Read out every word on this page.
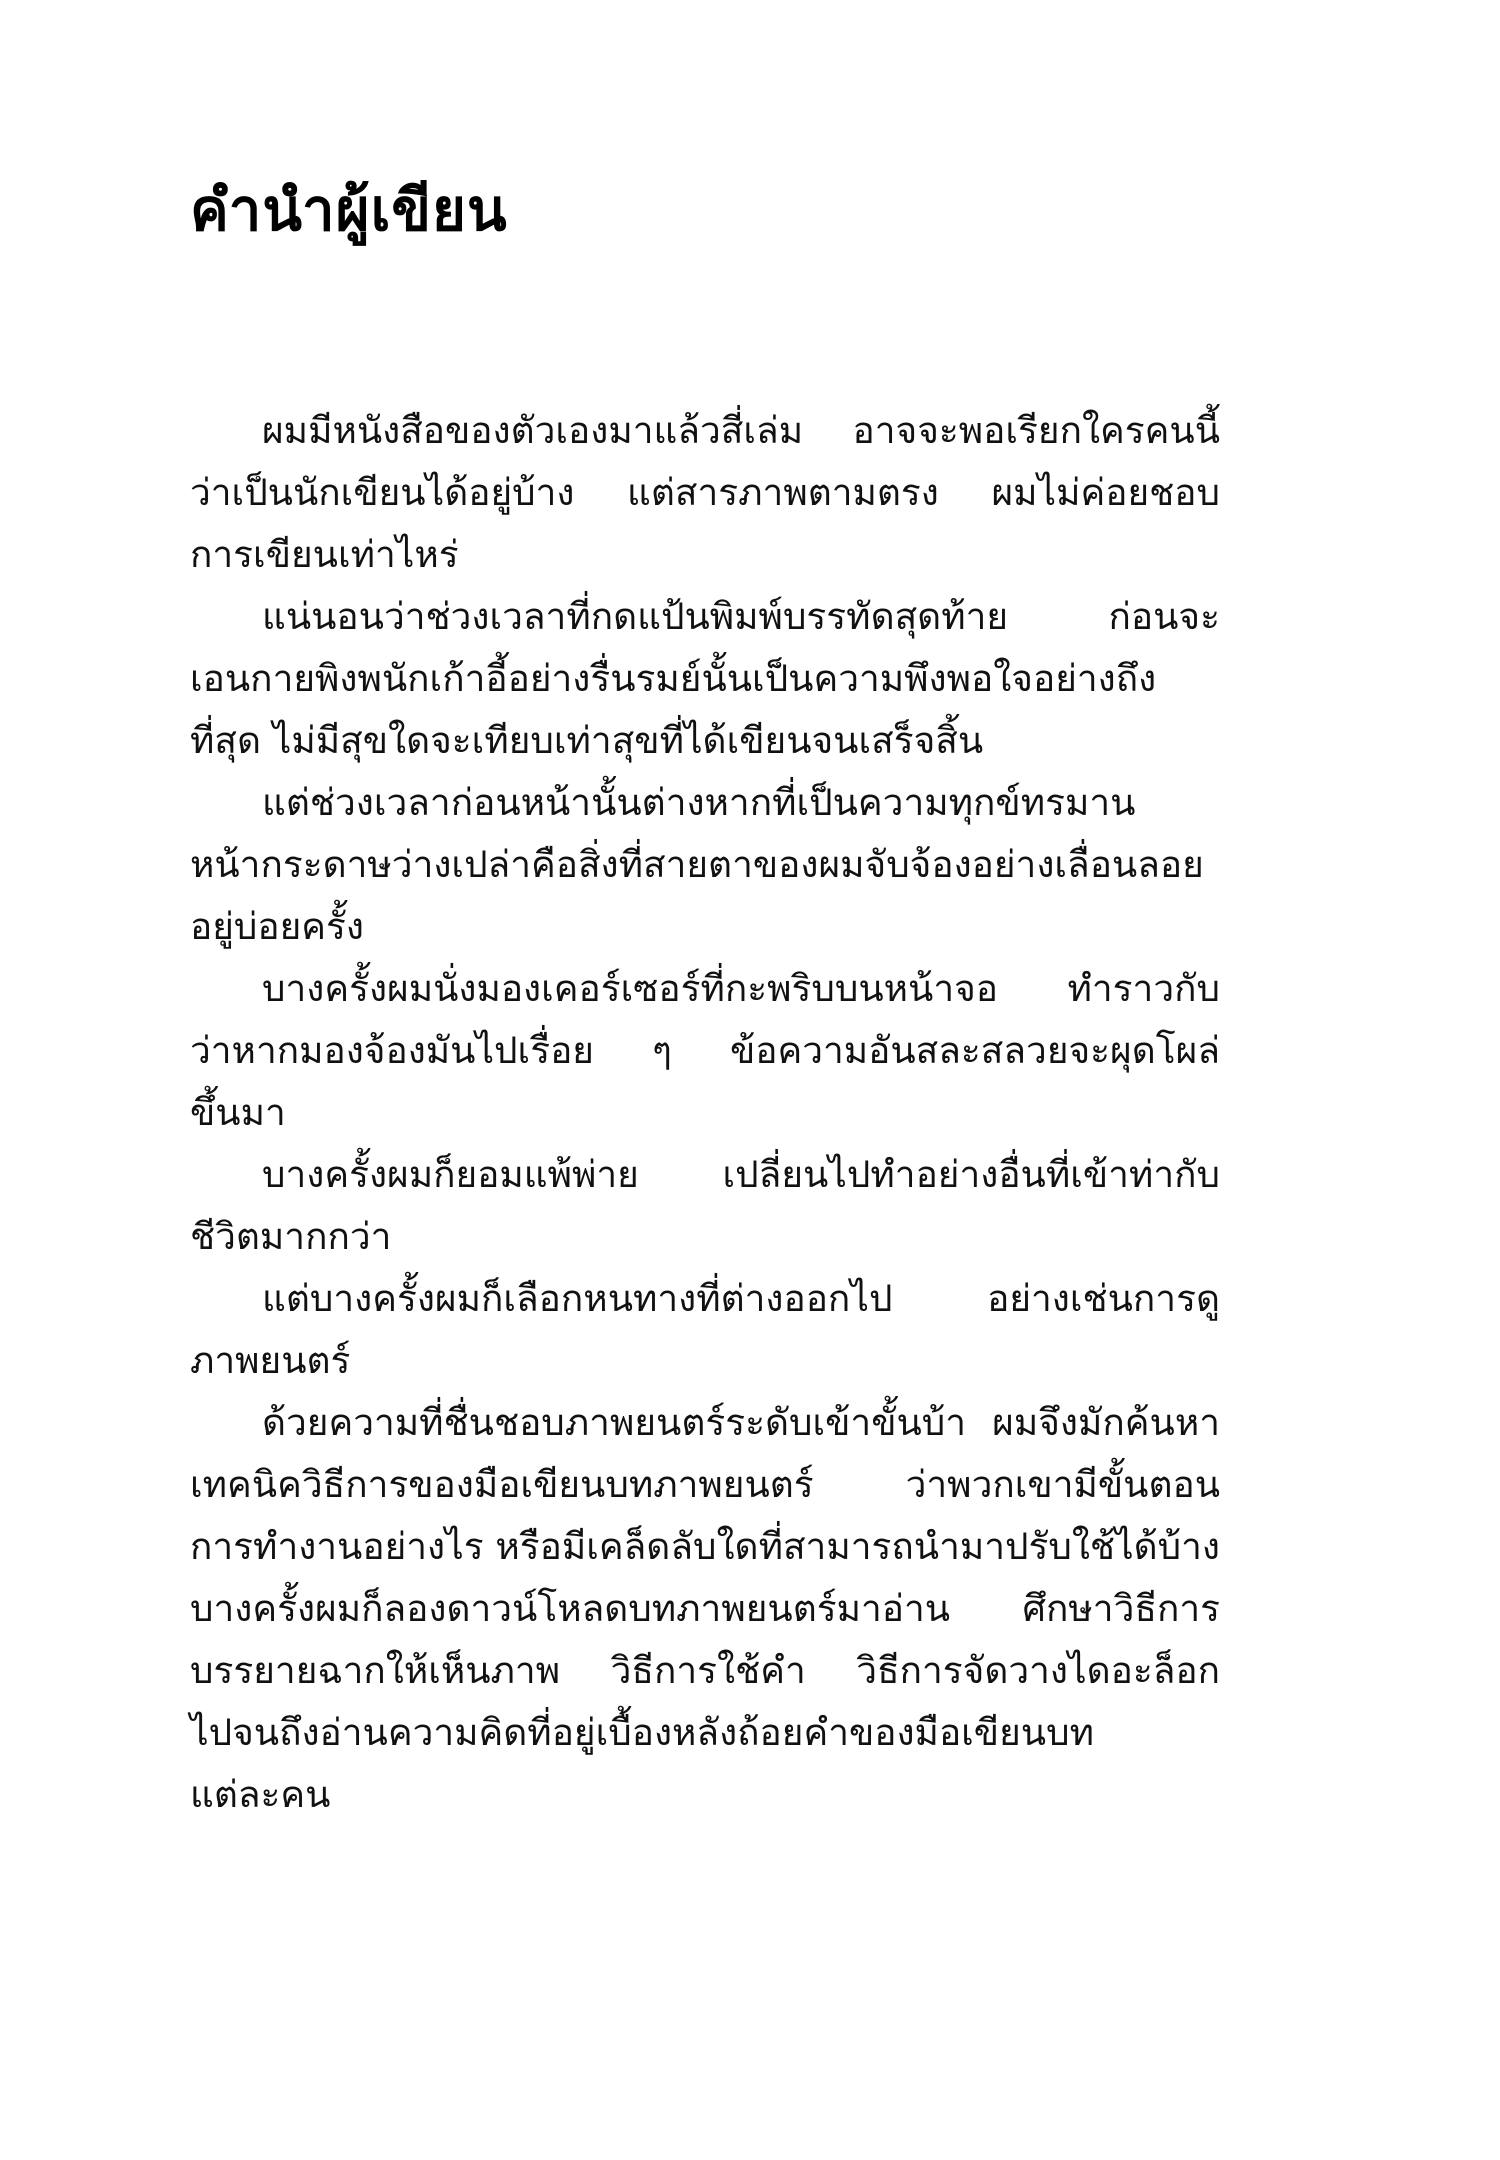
คำนำผู้เขียน

ผมมีหนังสือของตัวเองมาแล้วสี่เล่ม อาจจะพอเรียกใครคนนี้
ว่าเป็นนักเขียนได้อยู่บ้าง แต่สารภาพตามตรง ผมไม่ค่อยชอบ
การเขียนเท่าไหร่

แน่นอนว่าช่วงเวลาที่กดแป้นพิมพ์บรรทัดสุดท้าย ก่อนจะ
เอนกายพิงพนักเก้าอี้อย่างรื่นรมย์นั้นเป็นความพึงพอใจอย่างถึง
ที่สุด ไม่มีสุขใดจะเทียบเท่าสุขที่ได้เขียนจนเสร็จสิ้น

แต่ช่วงเวลาก่อนหน้านั้นต่างหากที่เป็นความทุกข์ทรมาน
หน้ากระดาษว่างเปล่าคือสิ่งที่สายตาของผมจับจ้องอย่างเลื่อนลอย
อยู่บ่อยครั้ง

บางครั้งผมนั่งมองเคอร์เซอร์ที่กะพริบบนหน้าจอ ทำราวกับ
ว่าหากมองจ้องมันไปเรื่อย ๆ ข้อความอันสละสลวยจะผุดโผล่
ขึ้นมา

บางครั้งผมก็ยอมแพ้พ่าย เปลี่ยนไปทำอย่างอื่นที่เข้าท่ากับ
ชีวิตมากกว่า

แต่บางครั้งผมก็เลือกหนทางที่ต่างออกไป อย่างเช่นการดู
ภาพยนตร์

ด้วยความที่ชื่นชอบภาพยนตร์ระดับเข้าขั้นบ้า ผมจึงมักค้นหา
เทคนิควิธีการของมือเขียนบทภาพยนตร์ ว่าพวกเขามีขั้นตอน
การทำงานอย่างไร หรือมีเคล็ดลับใดที่สามารถนำมาปรับใช้ได้บ้าง
บางครั้งผมก็ลองดาวน์โหลดบทภาพยนตร์มาอ่าน ศึกษาวิธีการ
บรรยายฉากให้เห็นภาพ วิธีการใช้คำ วิธีการจัดวางไดอะล็อก
ไปจนถึงอ่านความคิดที่อยู่เบื้องหลังถ้อยคำของมือเขียนบท
แต่ละคน
